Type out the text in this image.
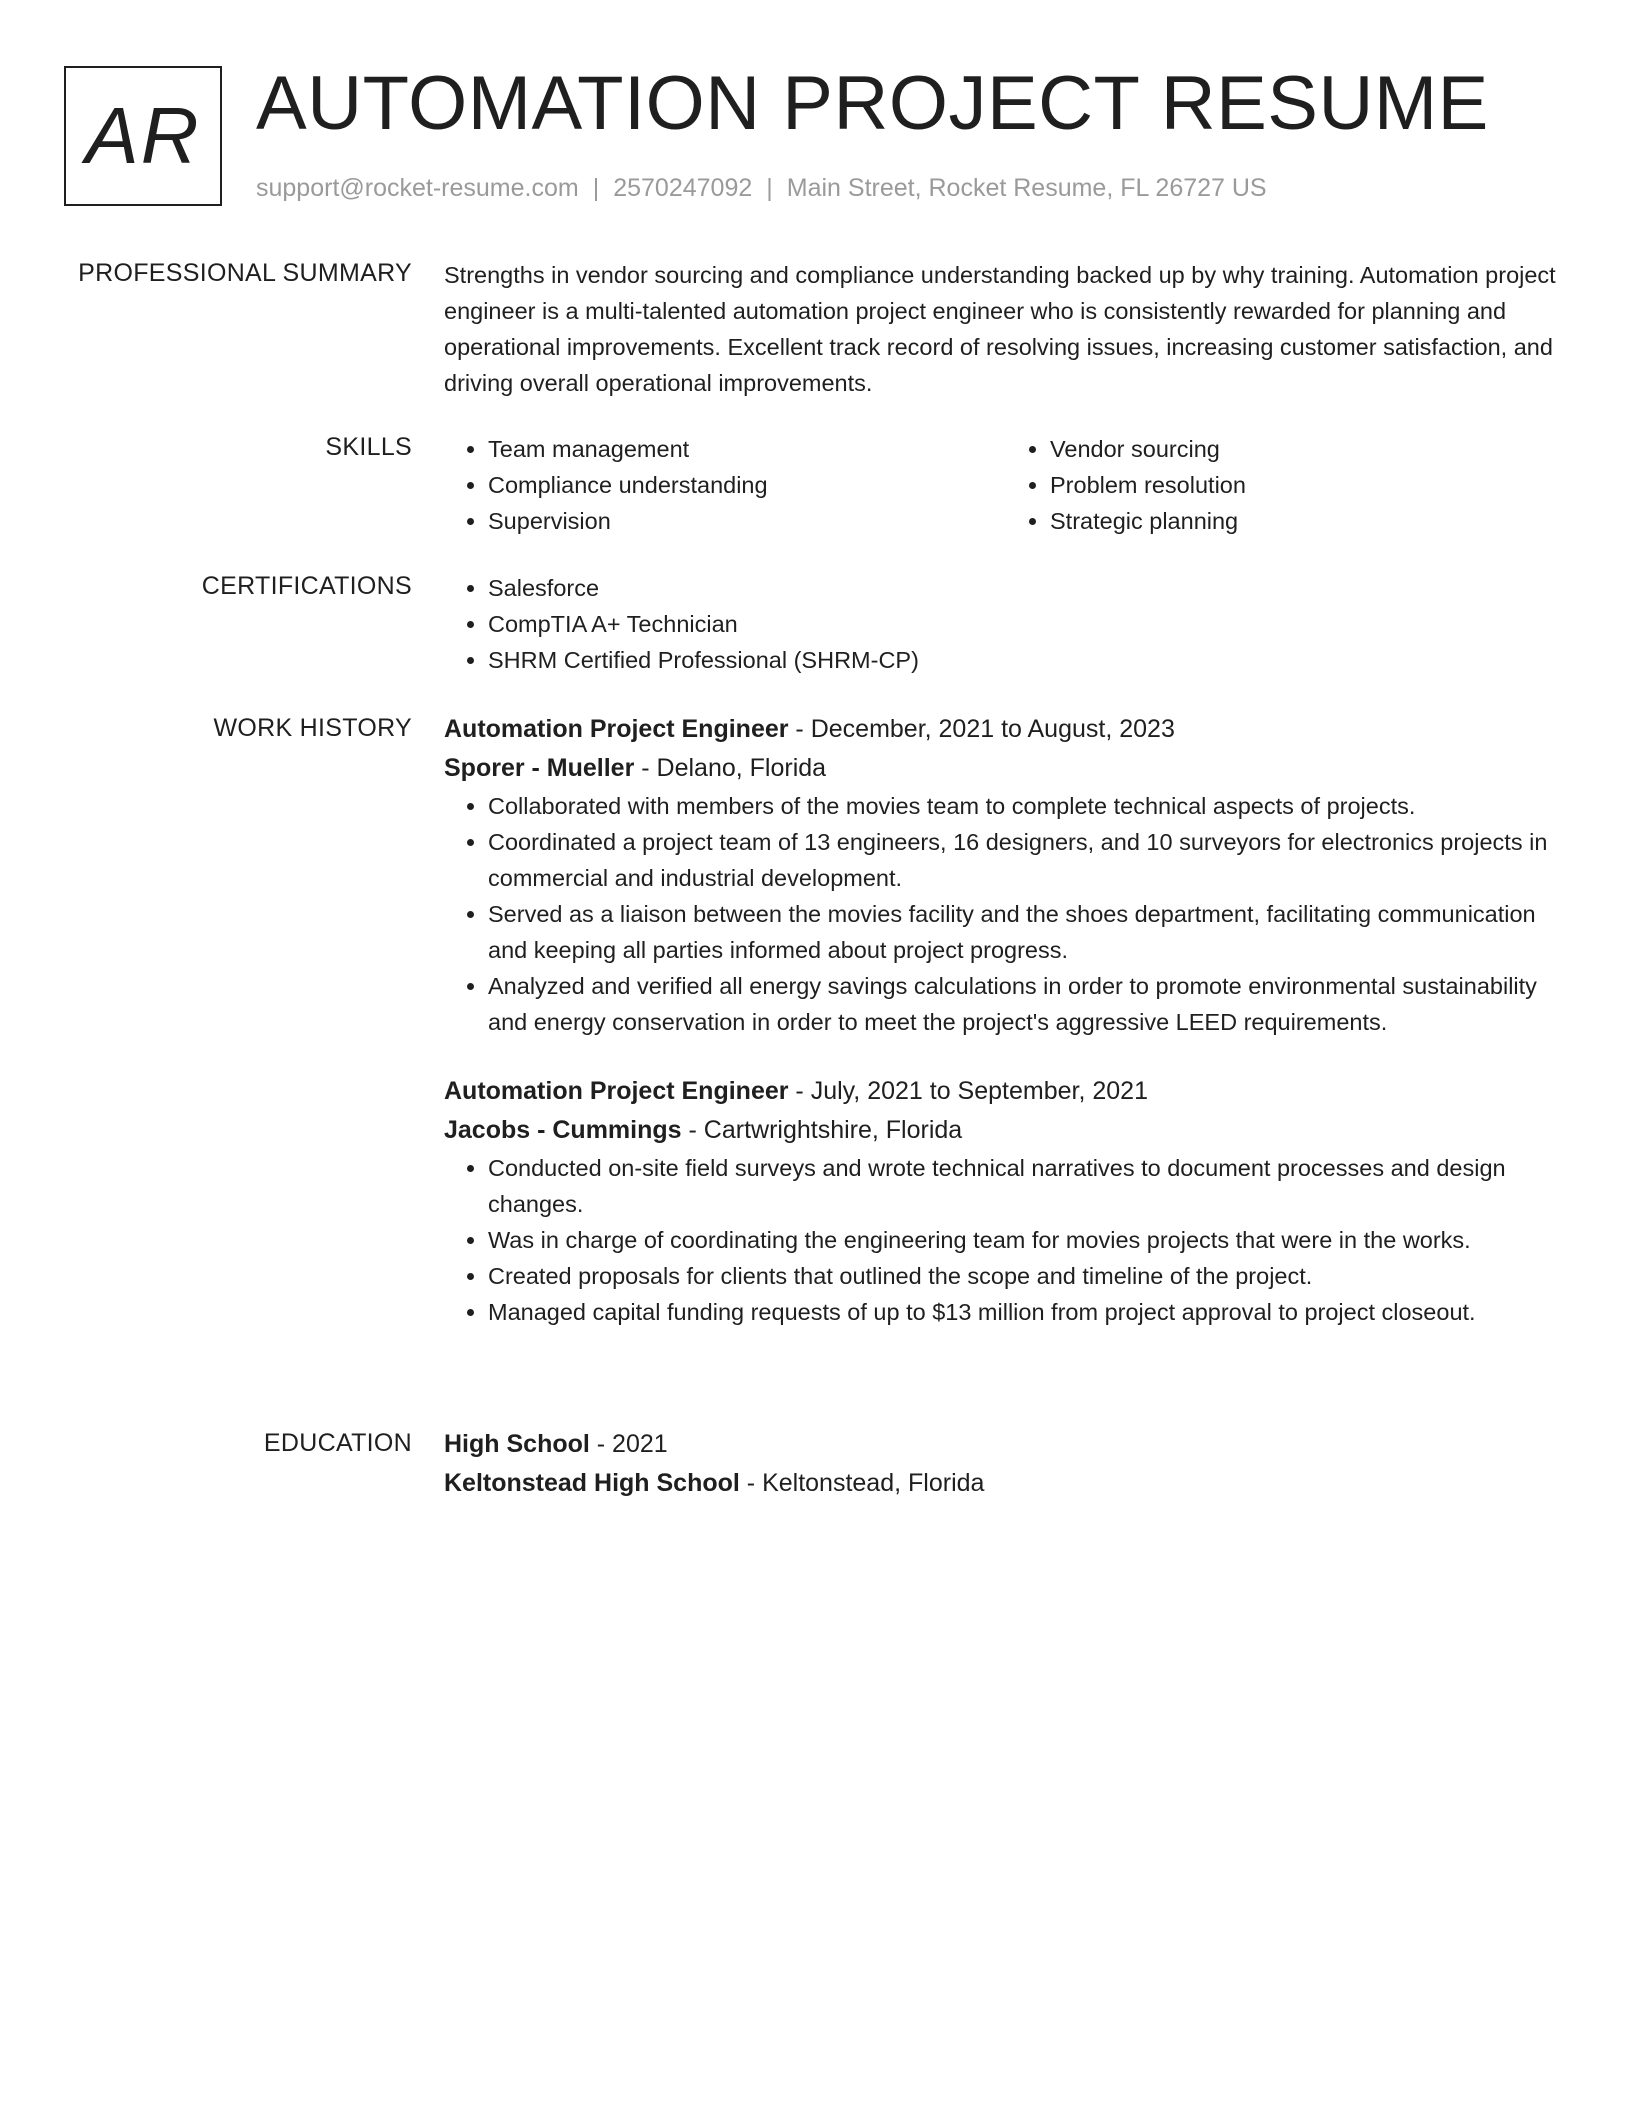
AR AUTOMATION PROJECT RESUME
support@rocket-resume.com | 2570247092 | Main Street, Rocket Resume, FL 26727 US
PROFESSIONAL SUMMARY Strengths in vendor sourcing and compliance understanding backed up by why training. Automation project engineer is a multi-talented automation project engineer who is consistently rewarded for planning and operational improvements. Excellent track record of resolving issues, increasing customer satisfaction, and driving overall operational improvements.

SKILLS	• Team management
• Compliance understanding
• Supervision
• Vendor sourcing
• Problem resolution
• Strategic planning
CERTIFICATIONS	• Salesforce
• CompTIA A+ Technician
• SHRM Certified Professional (SHRM-CP)
WORK HISTORY Automation Project Engineer - December, 2021 to August, 2023
Sporer - Mueller - Delano, Florida
• Collaborated with members of the movies team to complete technical aspects of projects.
• Coordinated a project team of 13 engineers, 16 designers, and 10 surveyors for electronics projects in commercial and industrial development.
• Served as a liaison between the movies facility and the shoes department, facilitating communication and keeping all parties informed about project progress.
• Analyzed and verified all energy savings calculations in order to promote environmental sustainability and energy conservation in order to meet the project's aggressive LEED requirements.
Automation Project Engineer - July, 2021 to September, 2021
Jacobs - Cummings - Cartwrightshire, Florida
• Conducted on-site field surveys and wrote technical narratives to document processes and design changes.
• Was in charge of coordinating the engineering team for movies projects that were in the works.
• Created proposals for clients that outlined the scope and timeline of the project.
• Managed capital funding requests of up to $13 million from project approval to project closeout.
EDUCATION High School - 2021
Keltonstead High School - Keltonstead, Florida
